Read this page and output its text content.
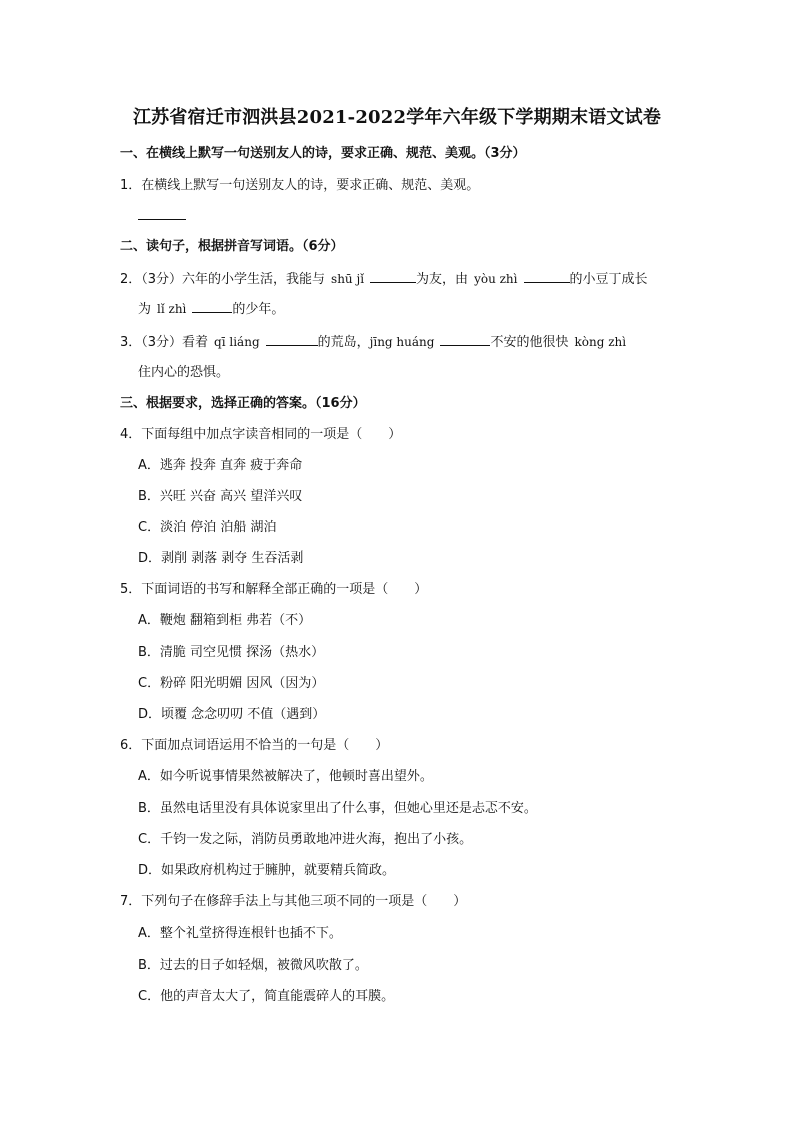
江苏省宿迁市泗洪县2021-2022学年六年级下学期期末语文试卷
一、在横线上默写一句送别友人的诗，要求正确、规范、美观。（3分）
1．在横线上默写一句送别友人的诗，要求正确、规范、美观。
二、读句子，根据拼音写词语。（6分）
2．（3分）六年的小学生活，我能与 shū jǐ	为友，由 yòu zhì	的小豆丁成长
为 lǐ zhì	的少年。
3．（3分）看着 qī liáng	的荒岛，jīng huáng	不安的他很快 kòng zhì
住内心的恐惧。
三、根据要求，选择正确的答案。（16分）
4．下面每组中加点字读音相同的一项是（　　）
A．逃奔 投奔 直奔 疲于奔命
B．兴旺 兴奋 高兴 望洋兴叹
C．淡泊 停泊 泊船 湖泊
D．剥削 剥落 剥夺 生吞活剥
5．下面词语的书写和解释全部正确的一项是（　　）
A．鞭炮 翻箱到柜 弗若（不）
B．清脆 司空见惯 探汤（热水）
C．粉碎 阳光明媚 因风（因为）
D．顷覆 念念叨叨 不值（遇到）
6．下面加点词语运用不恰当的一句是（　　）
A．如今听说事情果然被解决了，他顿时喜出望外。
B．虽然电话里没有具体说家里出了什么事，但她心里还是忐忑不安。
C．千钧一发之际，消防员勇敢地冲进火海，抱出了小孩。
D．如果政府机构过于臃肿，就要精兵简政。
7．下列句子在修辞手法上与其他三项不同的一项是（　　）
A．整个礼堂挤得连根针也插不下。
B．过去的日子如轻烟，被微风吹散了。
C．他的声音太大了，简直能震碎人的耳膜。
